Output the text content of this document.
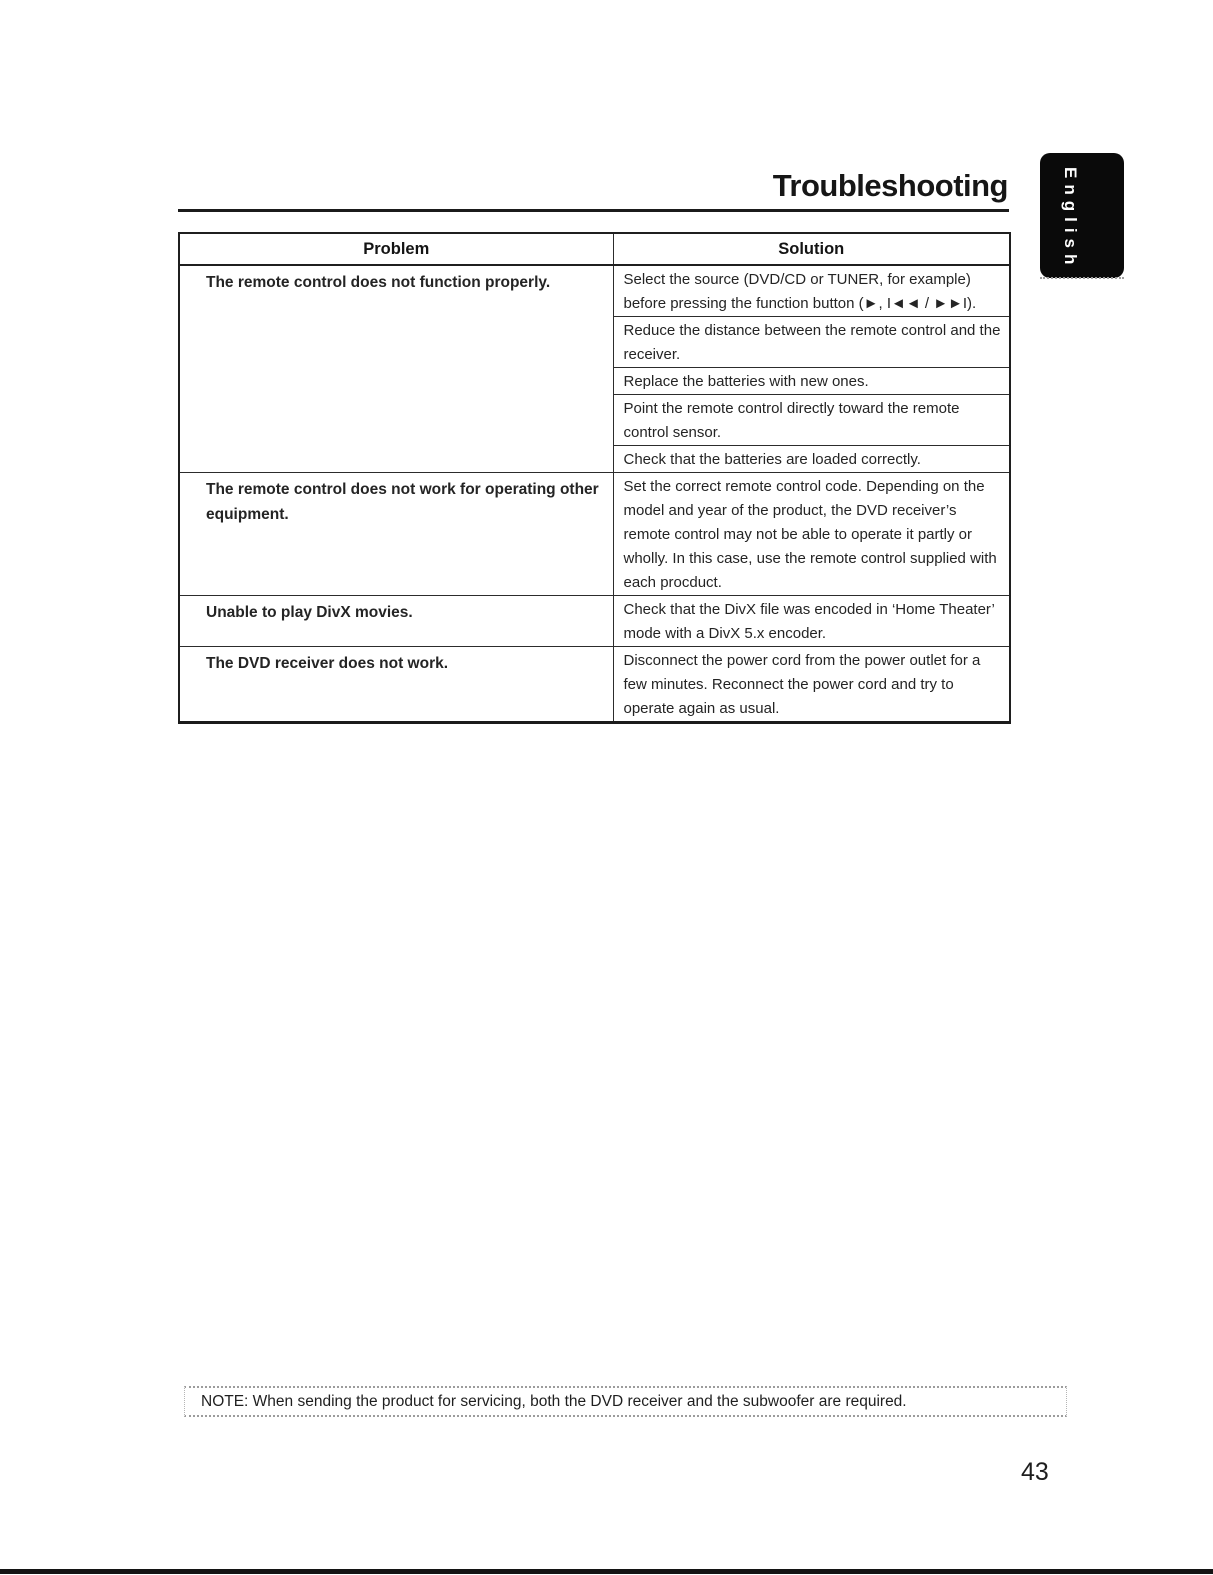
Troubleshooting	English
Problem	Solution
The remote control does not function properly.	Select the source (DVD/CD or TUNER, for example) before pressing the function button (►, I◄◄ / ►►I).
	Reduce the distance between the remote control and the receiver.
	Replace the batteries with new ones.
	Point the remote control directly toward the remote control sensor.
	Check that the batteries are loaded correctly.
The remote control does not work for operating other equipment.	Set the correct remote control code. Depending on the model and year of the product, the DVD receiver’s remote control may not be able to operate it partly or wholly. In this case, use the remote control supplied with each procduct.
Unable to play DivX movies.	Check that the DivX file was encoded in ‘Home Theater’ mode with a DivX 5.x encoder.
The DVD receiver does not work.	Disconnect the power cord from the power outlet for a few minutes. Reconnect the power cord and try to operate again as usual.
NOTE: When sending the product for servicing, both the DVD receiver and the subwoofer are required.
43
